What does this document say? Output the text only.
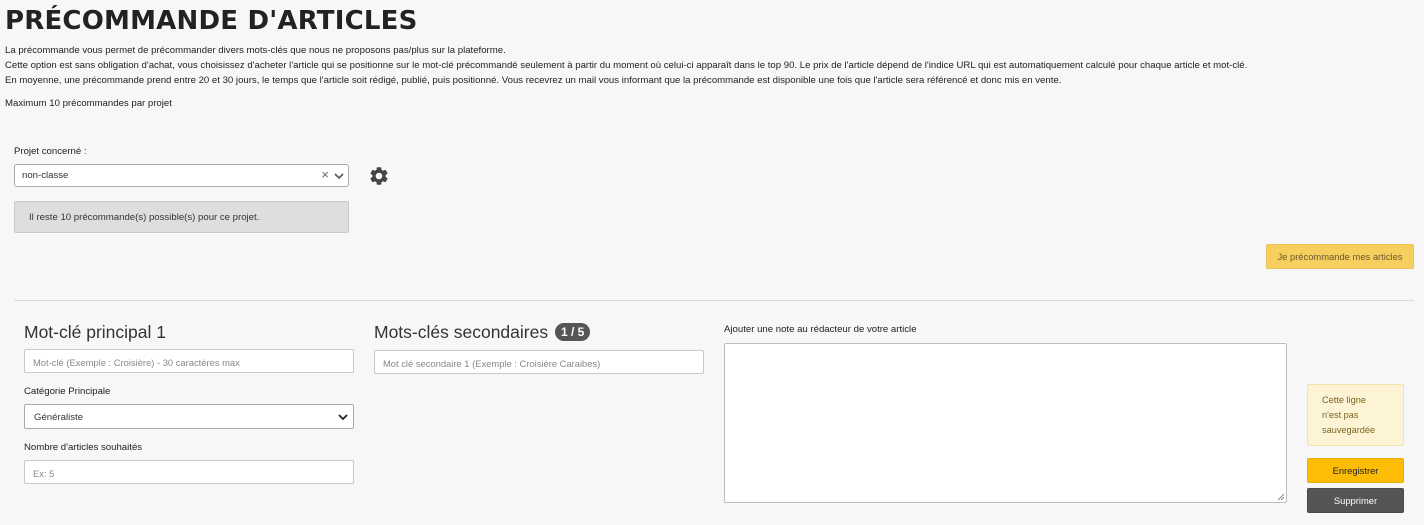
PRÉCOMMANDE D'ARTICLES

La précommande vous permet de précommander divers mots-clés que nous ne proposons pas/plus sur la plateforme.

Cette option est sans obligation d'achat, vous choisissez d'acheter l'article qui se positionne sur le mot-clé précommandé seulement à partir du moment où celui-ci apparaît dans le top 90. Le prix de l'article dépend de l'indice URL qui est automatiquement calculé pour chaque article et mot-clé.

En moyenne, une précommande prend entre 20 et 30 jours, le temps que l'article soit rédigé, publié, puis positionné. Vous recevrez un mail vous informant que la précommande est disponible une fois que l'article sera référencé et donc mis en vente.

Maximum 10 précommandes par projet
Projet concerné :
non-classe	×
Il reste 10 précommande(s) possible(s) pour ce projet.
Je précommande mes articles
Mot-clé principal 1
Mot-clé (Exemple : Croisière) - 30 caractères max
Catégorie Principale
Généraliste
Nombre d'articles souhaités
Ex: 5
Mots-clés secondaires 1 / 5
Mot clé secondaire 1 (Exemple : Croisière Caraibes)
Ajouter une note au rédacteur de votre article
Cette ligne
n'est pas
sauvegardée
Enregistrer
Supprimer
